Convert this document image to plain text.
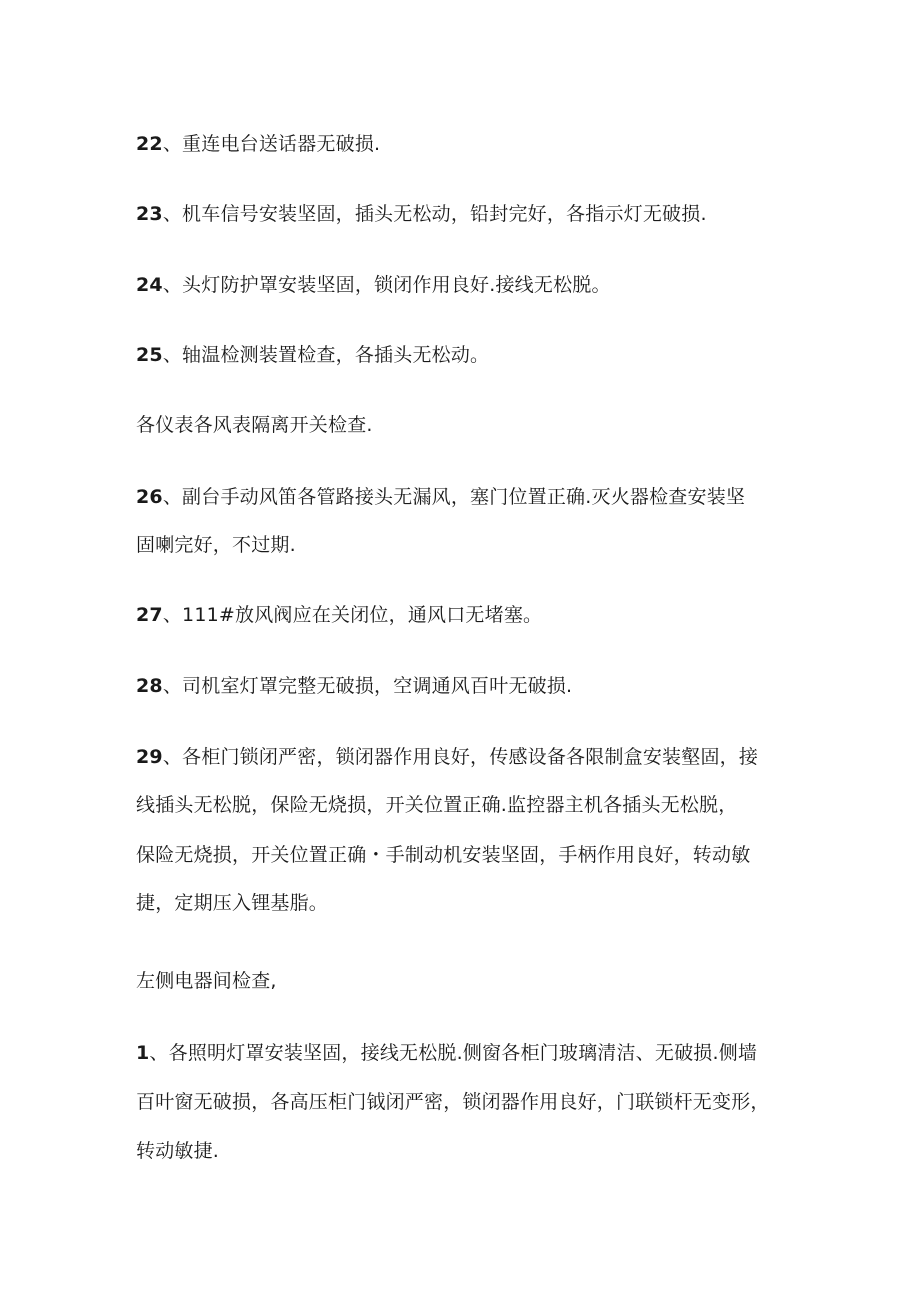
22、重连电台送话器无破损.
23、机车信号安装坚固，插头无松动，铅封完好，各指示灯无破损.
24、头灯防护罩安装坚固，锁闭作用良好.接线无松脱。
25、轴温检测装置检查，各插头无松动。
各仪表各风表隔离开关检查.
26、副台手动风笛各管路接头无漏风，塞门位置正确.灭火器检查安装坚
固喇完好，不过期.
27、111#放风阀应在关闭位，通风口无堵塞。
28、司机室灯罩完整无破损，空调通风百叶无破损.
29、各柜门锁闭严密，锁闭器作用良好，传感设备各限制盒安装壑固，接
线插头无松脱，保险无烧损，开关位置正确.监控器主机各插头无松脱，
保险无烧损，开关位置正确・手制动机安装坚固，手柄作用良好，转动敏
捷，定期压入锂基脂。
左侧电器间检查,
1、各照明灯罩安装坚固，接线无松脱.侧窗各柜门玻璃清洁、无破损.侧墙
百叶窗无破损，各高压柜门钺闭严密，锁闭器作用良好，门联锁杆无变形，
转动敏捷.
